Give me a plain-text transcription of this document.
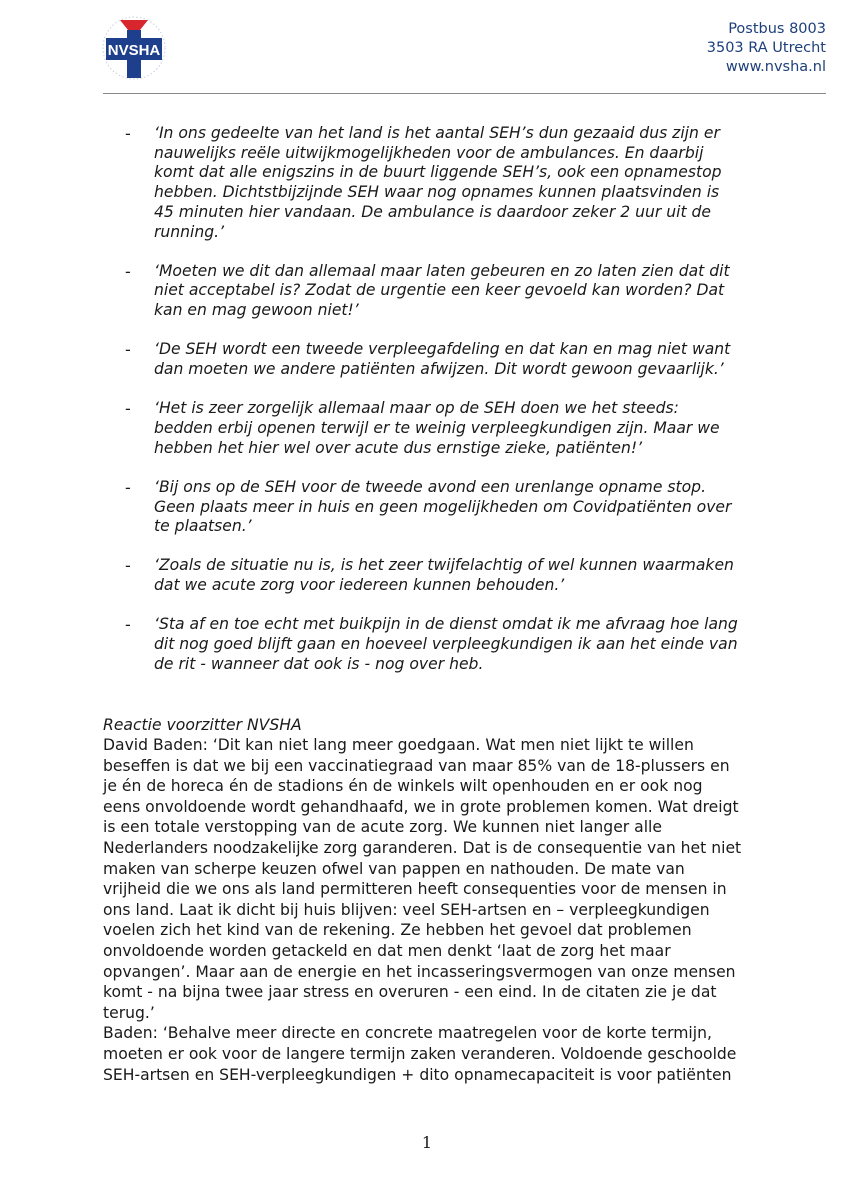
NVSHA
Postbus 8003
3503 RA Utrecht
www.nvsha.nl
- ‘In ons gedeelte van het land is het aantal SEH’s dun gezaaid dus zijn er
nauwelijks reële uitwijkmogelijkheden voor de ambulances. En daarbij
komt dat alle enigszins in de buurt liggende SEH’s, ook een opnamestop
hebben. Dichtstbijzijnde SEH waar nog opnames kunnen plaatsvinden is
45 minuten hier vandaan. De ambulance is daardoor zeker 2 uur uit de
running.’

- ‘Moeten we dit dan allemaal maar laten gebeuren en zo laten zien dat dit
niet acceptabel is? Zodat de urgentie een keer gevoeld kan worden? Dat
kan en mag gewoon niet!’

- ‘De SEH wordt een tweede verpleegafdeling en dat kan en mag niet want
dan moeten we andere patiënten afwijzen. Dit wordt gewoon gevaarlijk.’

- ‘Het is zeer zorgelijk allemaal maar op de SEH doen we het steeds:
bedden erbij openen terwijl er te weinig verpleegkundigen zijn. Maar we
hebben het hier wel over acute dus ernstige zieke, patiënten!’

- ‘Bij ons op de SEH voor de tweede avond een urenlange opname stop.
Geen plaats meer in huis en geen mogelijkheden om Covidpatiënten over
te plaatsen.’

- ‘Zoals de situatie nu is, is het zeer twijfelachtig of wel kunnen waarmaken
dat we acute zorg voor iedereen kunnen behouden.’

- ‘Sta af en toe echt met buikpijn in de dienst omdat ik me afvraag hoe lang
dit nog goed blijft gaan en hoeveel verpleegkundigen ik aan het einde van
de rit - wanneer dat ook is - nog over heb.

Reactie voorzitter NVSHA

David Baden: ‘Dit kan niet lang meer goedgaan. Wat men niet lijkt te willen
beseffen is dat we bij een vaccinatiegraad van maar 85% van de 18-plussers en
je én de horeca én de stadions én de winkels wilt openhouden en er ook nog
eens onvoldoende wordt gehandhaafd, we in grote problemen komen. Wat dreigt
is een totale verstopping van de acute zorg. We kunnen niet langer alle
Nederlanders noodzakelijke zorg garanderen. Dat is de consequentie van het niet
maken van scherpe keuzen ofwel van pappen en nathouden. De mate van
vrijheid die we ons als land permitteren heeft consequenties voor de mensen in
ons land. Laat ik dicht bij huis blijven: veel SEH-artsen en – verpleegkundigen
voelen zich het kind van de rekening. Ze hebben het gevoel dat problemen
onvoldoende worden getackeld en dat men denkt ‘laat de zorg het maar
opvangen’. Maar aan de energie en het incasseringsvermogen van onze mensen
komt - na bijna twee jaar stress en overuren - een eind. In de citaten zie je dat
terug.’

Baden: ‘Behalve meer directe en concrete maatregelen voor de korte termijn,
moeten er ook voor de langere termijn zaken veranderen. Voldoende geschoolde
SEH-artsen en SEH-verpleegkundigen + dito opnamecapaciteit is voor patiënten

1
